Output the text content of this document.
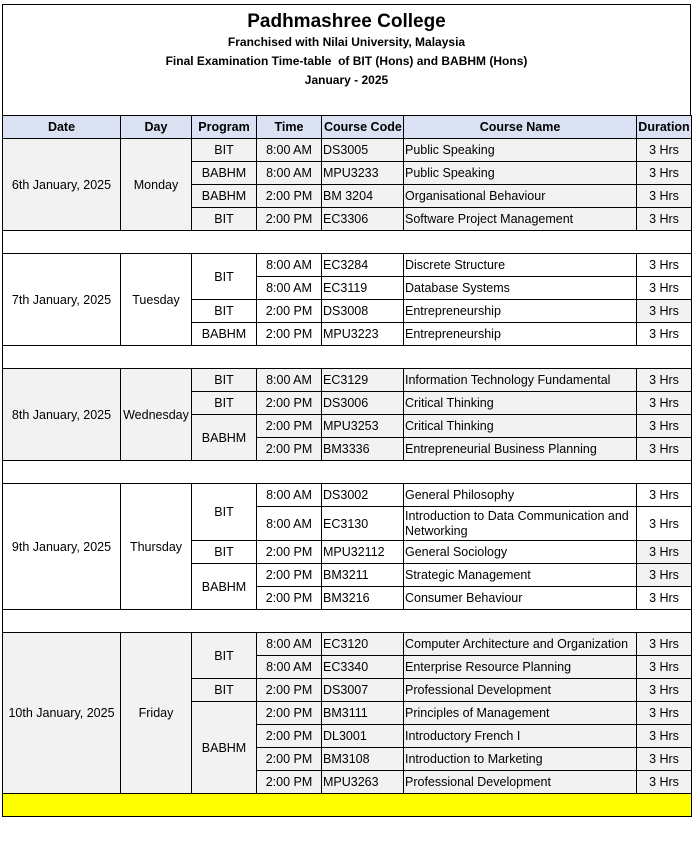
Padhmashree College
Franchised with Nilai University, Malaysia
Final Examination Time-table  of BIT (Hons) and BABHM (Hons)
January - 2025
Date	Day	Program	Time	Course Code	Course Name	Duration
6th January, 2025	Monday	BIT	8:00 AM	DS3005	Public Speaking	3 Hrs
		BABHM	8:00 AM	MPU3233	Public Speaking	3 Hrs
		BABHM	2:00 PM	BM 3204	Organisational Behaviour	3 Hrs
		BIT	2:00 PM	EC3306	Software Project Management	3 Hrs

7th January, 2025	Tuesday	BIT	8:00 AM	EC3284	Discrete Structure	3 Hrs
			8:00 AM	EC3119	Database Systems	3 Hrs
		BIT	2:00 PM	DS3008	Entrepreneurship	3 Hrs
		BABHM	2:00 PM	MPU3223	Entrepreneurship	3 Hrs

8th January, 2025	Wednesday	BIT	8:00 AM	EC3129	Information Technology Fundamental	3 Hrs
		BIT	2:00 PM	DS3006	Critical Thinking	3 Hrs
		BABHM	2:00 PM	MPU3253	Critical Thinking	3 Hrs
			2:00 PM	BM3336	Entrepreneurial Business Planning	3 Hrs

9th January, 2025	Thursday	BIT	8:00 AM	DS3002	General Philosophy	3 Hrs
			8:00 AM	EC3130	Introduction to Data Communication and Networking	3 Hrs
		BIT	2:00 PM	MPU32112	General Sociology	3 Hrs
		BABHM	2:00 PM	BM3211	Strategic Management	3 Hrs
			2:00 PM	BM3216	Consumer Behaviour	3 Hrs

10th January, 2025	Friday	BIT	8:00 AM	EC3120	Computer Architecture and Organization	3 Hrs
			8:00 AM	EC3340	Enterprise Resource Planning	3 Hrs
		BIT	2:00 PM	DS3007	Professional Development	3 Hrs
		BABHM	2:00 PM	BM3111	Principles of Management	3 Hrs
			2:00 PM	DL3001	Introductory French I	3 Hrs
			2:00 PM	BM3108	Introduction to Marketing	3 Hrs
			2:00 PM	MPU3263	Professional Development	3 Hrs
